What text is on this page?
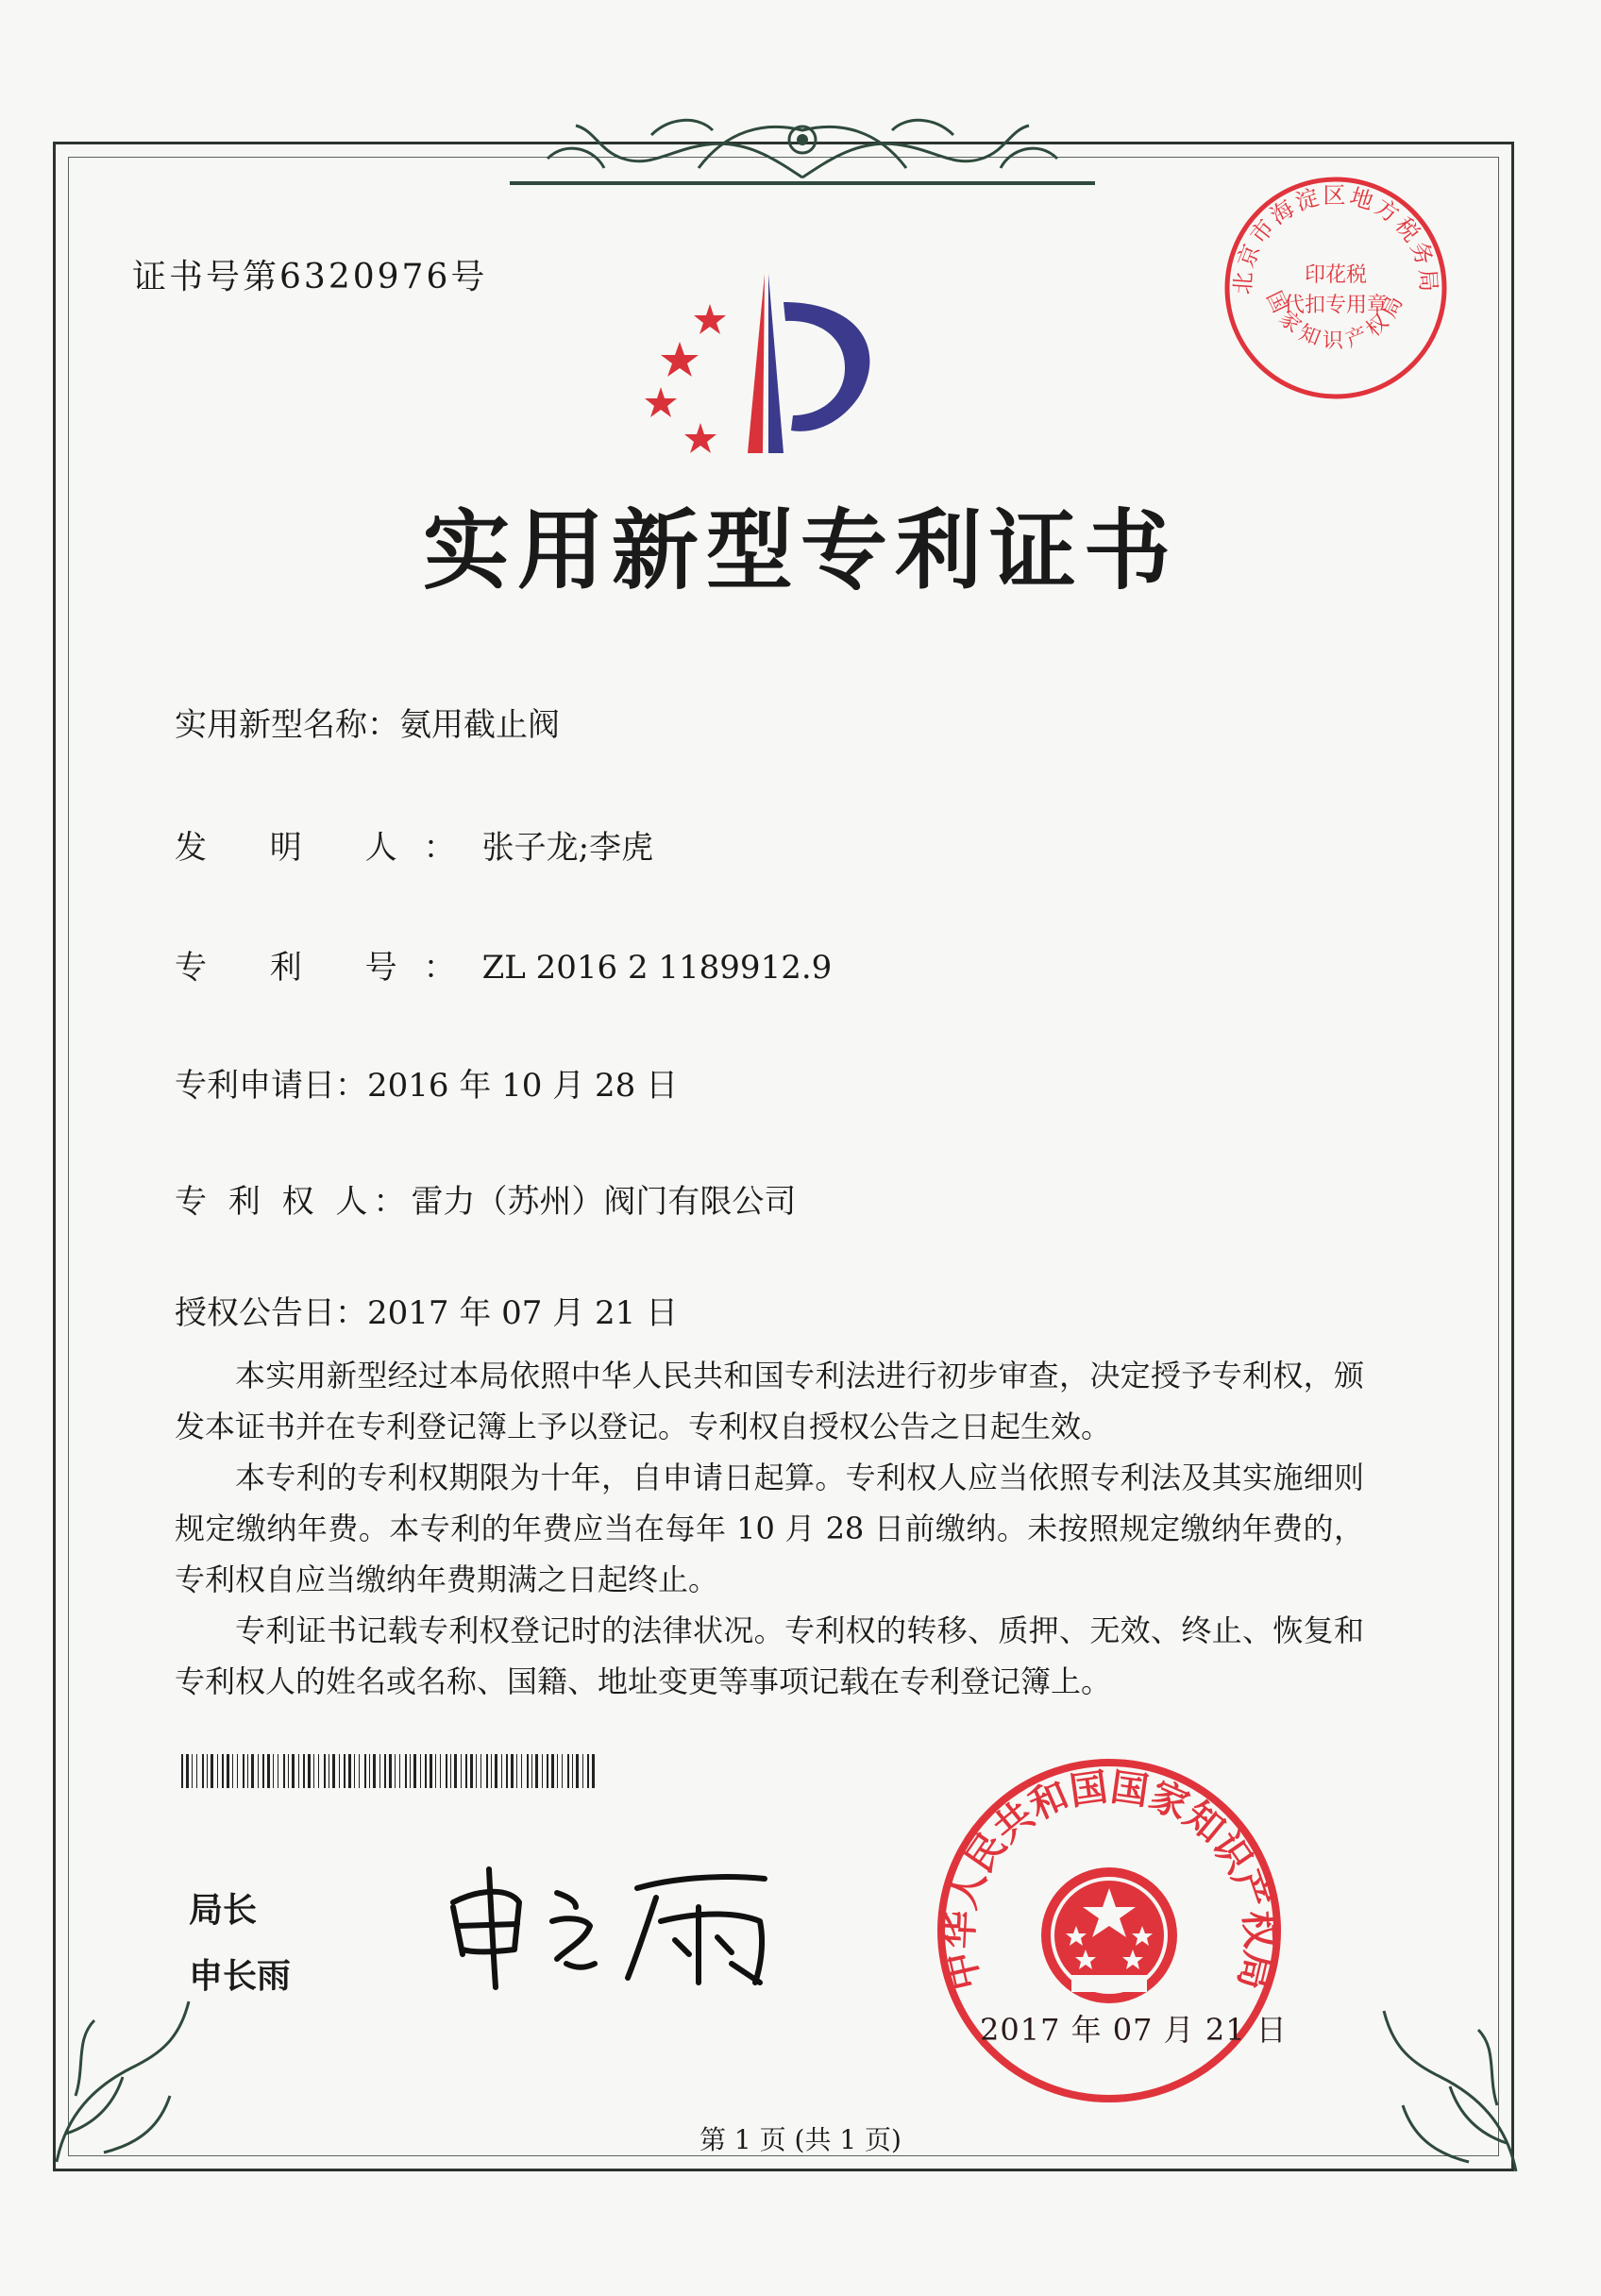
证书号第6320976号	北京市海淀区地方税务局
印花税
代扣专用章
国家知识产权局
实用新型专利证书
实用新型名称：氨用截止阀
发 明 人：张子龙;李虎
专 利 号：ZL 2016 2 1189912.9
专利申请日：2016 年 10 月 28 日
专 利 权 人：雷力（苏州）阀门有限公司
授权公告日：2017 年 07 月 21 日

本实用新型经过本局依照中华人民共和国专利法进行初步审查，决定授予专利权，颁发本证书并在专利登记簿上予以登记。专利权自授权公告之日起生效。

本专利的专利权期限为十年，自申请日起算。专利权人应当依照专利法及其实施细则规定缴纳年费。本专利的年费应当在每年 10 月 28 日前缴纳。未按照规定缴纳年费的，专利权自应当缴纳年费期满之日起终止。

专利证书记载专利权登记时的法律状况。专利权的转移、质押、无效、终止、恢复和专利权人的姓名或名称、国籍、地址变更等事项记载在专利登记簿上。

局长
申长雨	中华人民共和国国家知识产权局
2017 年 07 月 21 日
第 1 页 (共 1 页)
